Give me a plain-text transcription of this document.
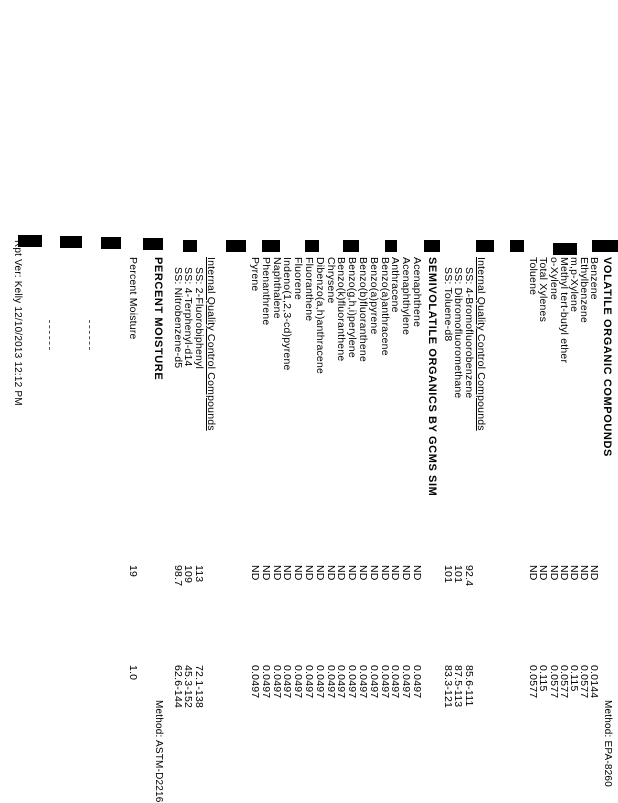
VOLATILE ORGANIC COMPOUNDS
Method: EPA-8260
Benzene
ND
0.0144
Ethylbenzene
ND
0.0577
m,p-Xylene
ND
0.115
Methyl tert-butyl ether
ND
0.0577
o-Xylene
ND
0.0577
Total Xylenes
ND
0.115
Toluene
ND
0.0577
Internal Quality Control Compounds
SS: 4-Bromofluorobenzene
92.4
85.6-111
SS: Dibromofluoromethane
101
87.5-113
SS: Toluene-d8
101
83.3-121
SEMIVOLATILE ORGANICS BY GCMS SIM
Acenaphthene
ND
0.0497
Acenaphthylene
ND
0.0497
Anthracene
ND
0.0497
Benzo(a)anthracene
ND
0.0497
Benzo(a)pyrene
ND
0.0497
Benzo(b)fluoranthene
ND
0.0497
Benzo(g,h,i)perylene
ND
0.0497
Benzo(k)fluoranthene
ND
0.0497
Chrysene
ND
0.0497
Dibenzo(a,h)anthracene
ND
0.0497
Fluoranthene
ND
0.0497
Fluorene
ND
0.0497
Indeno(1,2,3-cd)pyrene
ND
0.0497
Naphthalene
ND
0.0497
Phenanthrene
ND
0.0497
Pyrene
ND
0.0497
Internal Quality Control Compounds
SS: 2-Fluorobiphenyl
113
72.1-138
SS: 4-Terphenyl-d14
109
45.3-152
SS: Nitrobenzene-d5
98.7
62.6-144
PERCENT MOISTURE
Method: ASTM-D2216
Percent Moisture
19
1.0
Rpt Ver: Kelly 12/10/2013 12:12 PM
